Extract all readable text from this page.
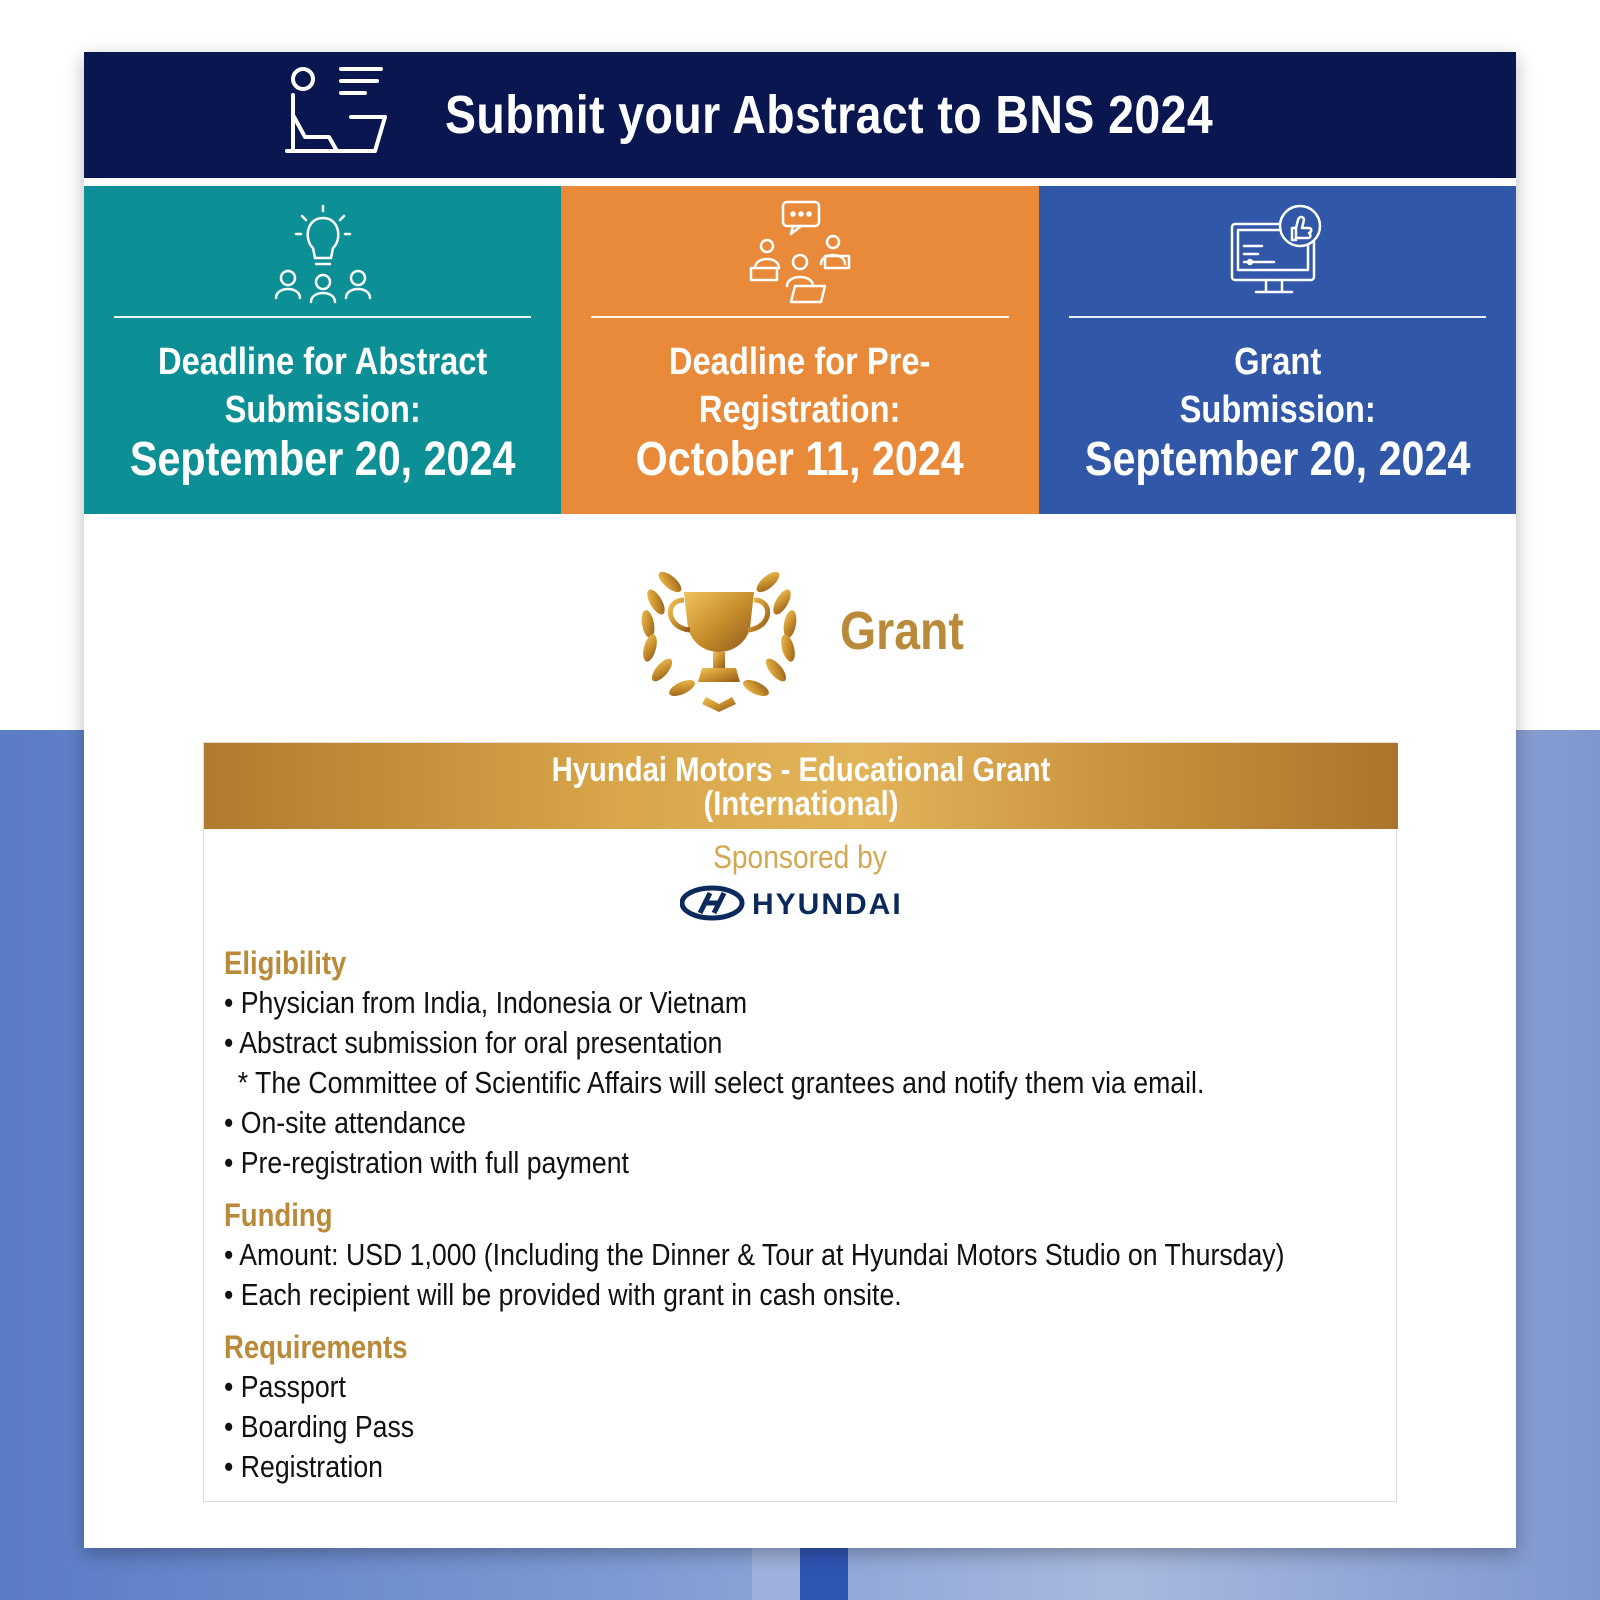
Submit your Abstract to BNS 2024
Deadline for Abstract
Submission:
September 20, 2024
Deadline for Pre-
Registration:
October 11, 2024
Grant
Submission:
September 20, 2024
Grant
Hyundai Motors - Educational Grant
(International)
Sponsored by
HYUNDAI
Eligibility
• Physician from India, Indonesia or Vietnam
• Abstract submission for oral presentation
* The Committee of Scientific Affairs will select grantees and notify them via email.
• On-site attendance
• Pre-registration with full payment
Funding
• Amount: USD 1,000 (Including the Dinner & Tour at Hyundai Motors Studio on Thursday)
• Each recipient will be provided with grant in cash onsite.
Requirements
• Passport
• Boarding Pass
• Registration
